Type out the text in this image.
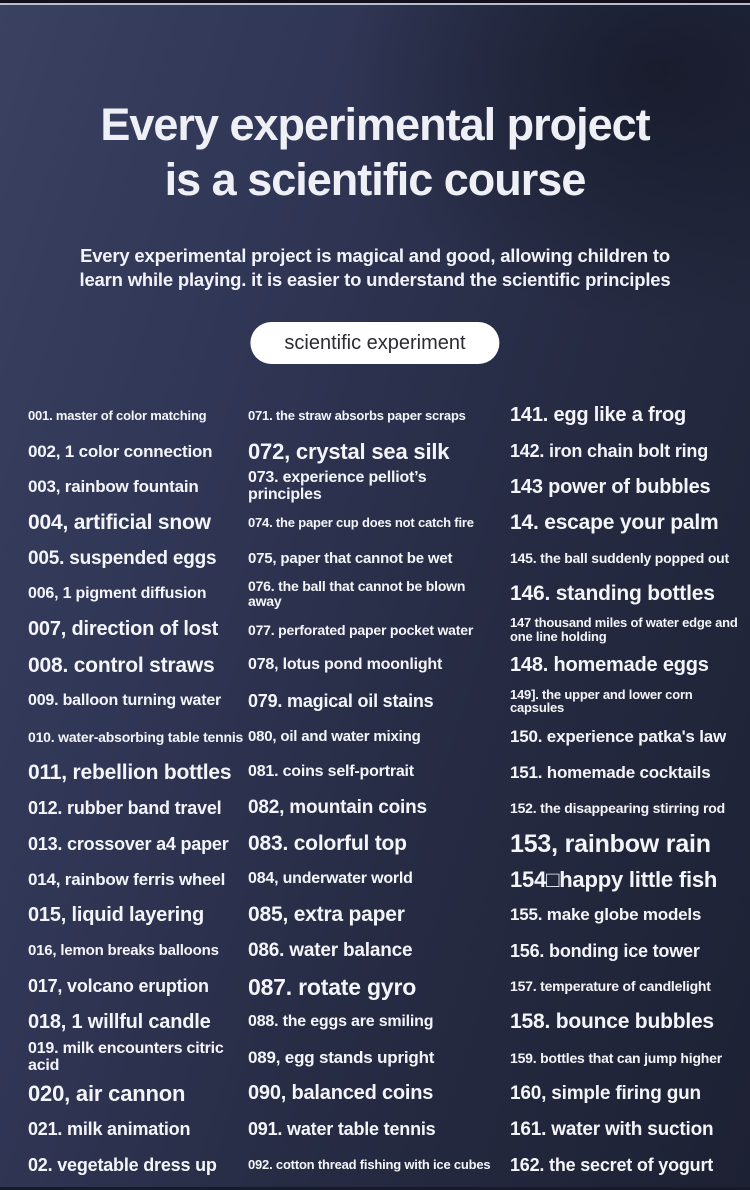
Every experimental project
is a scientific course
Every experimental project is magical and good, allowing children to
learn while playing. it is easier to understand the scientific principles
scientific experiment
001. master of color matching
002, 1 color connection
003, rainbow fountain
004, artificial snow
005. suspended eggs
006, 1 pigment diffusion
007, direction of lost
008. control straws
009. balloon turning water
010. water-absorbing table tennis
011, rebellion bottles
012. rubber band travel
013. crossover a4 paper
014, rainbow ferris wheel
015, liquid layering
016, lemon breaks balloons
017, volcano eruption
018, 1 willful candle
019. milk encounters citric acid
020, air cannon
021. milk animation
02. vegetable dress up
071. the straw absorbs paper scraps
072, crystal sea silk
073. experience pelliot’s principles
074. the paper cup does not catch fire
075, paper that cannot be wet
076. the ball that cannot be blown away
077. perforated paper pocket water
078, lotus pond moonlight
079. magical oil stains
080, oil and water mixing
081. coins self-portrait
082, mountain coins
083. colorful top
084, underwater world
085, extra paper
086. water balance
087. rotate gyro
088. the eggs are smiling
089, egg stands upright
090, balanced coins
091. water table tennis
092. cotton thread fishing with ice cubes
141. egg like a frog
142. iron chain bolt ring
143 power of bubbles
14. escape your palm
145. the ball suddenly popped out
146. standing bottles
147 thousand miles of water edge and one line holding
148. homemade eggs
149]. the upper and lower corn capsules
150. experience patka's law
151. homemade cocktails
152. the disappearing stirring rod
153, rainbow rain
154□happy little fish
155. make globe models
156. bonding ice tower
157. temperature of candlelight
158. bounce bubbles
159. bottles that can jump higher
160, simple firing gun
161. water with suction
162. the secret of yogurt
